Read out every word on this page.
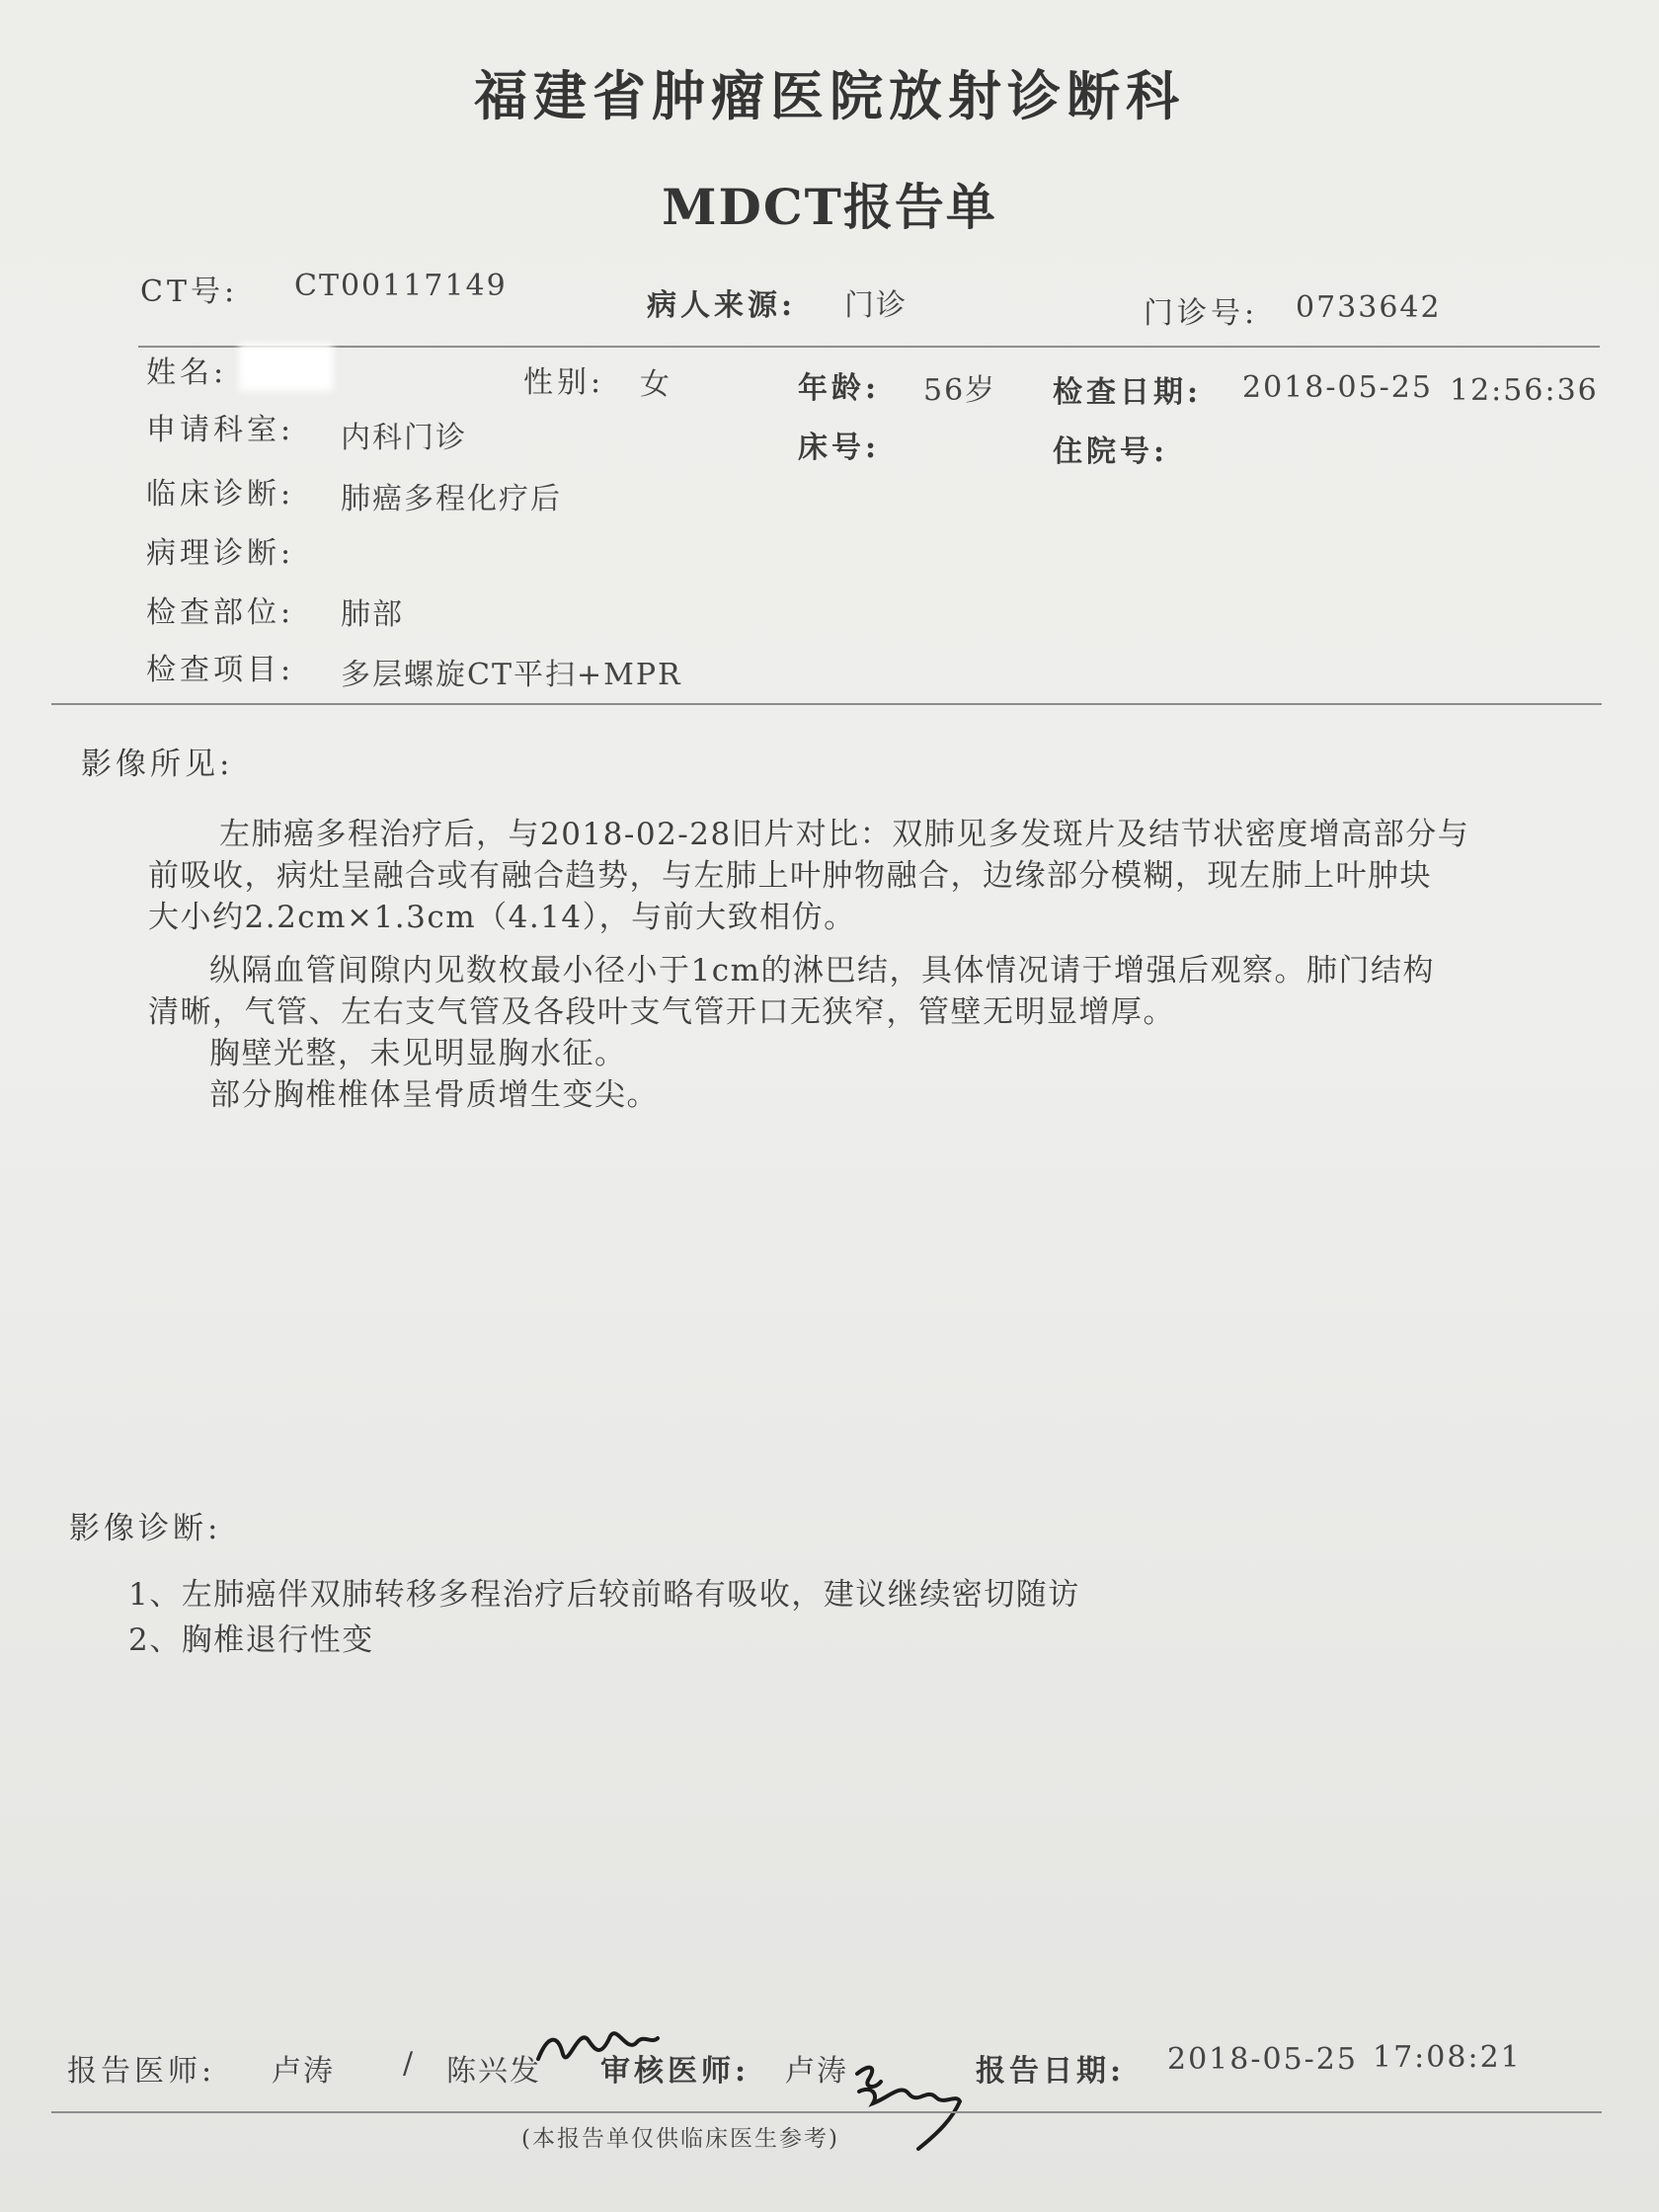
福建省肿瘤医院放射诊断科
MDCT报告单
CT号: CT00117149
病人来源: 门诊	门诊号: 0733642
姓名:	性别: 女	年龄: 56岁 检查日期: 2018-05-25 12:56:36
申请科室: 内科门诊	床号:	住院号:
临床诊断: 肺癌多程化疗后
病理诊断:
检查部位: 肺部
检查项目: 多层螺旋CT平扫+MPR
影像所见:
左肺癌多程治疗后，与2018-02-28旧片对比：双肺见多发斑片及结节状密度增高部分与
前吸收，病灶呈融合或有融合趋势，与左肺上叶肿物融合，边缘部分模糊，现左肺上叶肿块
大小约2.2cm×1.3cm（4.14），与前大致相仿。
纵隔血管间隙内见数枚最小径小于1cm的淋巴结，具体情况请于增强后观察。肺门结构
清晰，气管、左右支气管及各段叶支气管开口无狭窄，管壁无明显增厚。
胸壁光整，未见明显胸水征。
部分胸椎椎体呈骨质增生变尖。
影像诊断:
1、左肺癌伴双肺转移多程治疗后较前略有吸收，建议继续密切随访
2、胸椎退行性变
报告医师: 卢涛 / 陈兴发 审核医师: 卢涛	报告日期: 2018-05-25 17:08:21
(本报告单仅供临床医生参考)
